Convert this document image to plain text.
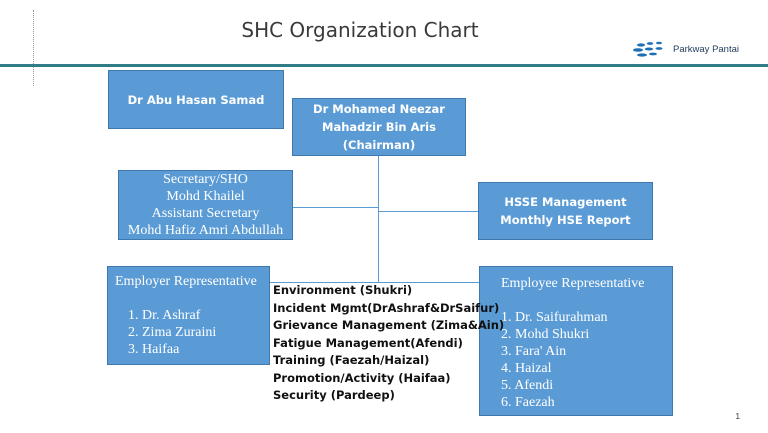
SHC Organization Chart
Parkway Pantai
Dr Abu Hasan Samad
Dr Mohamed Neezar
Mahadzir Bin Aris
(Chairman)
Secretary/SHO
Mohd Khailel
Assistant Secretary
Mohd Hafiz Amri Abdullah
HSSE Management
Monthly HSE Report
Employer Representative
1. Dr. Ashraf
2. Zima Zuraini
3. Haifaa
Employee Representative
1. Dr. Saifurahman
2. Mohd Shukri
3. Fara' Ain
4. Haizal
5. Afendi
6. Faezah
Environment (Shukri)
Incident Mgmt(DrAshraf&DrSaifur)
Grievance Management (Zima&Ain)
Fatigue Management(Afendi)
Training (Faezah/Haizal)
Promotion/Activity (Haifaa)
Security (Pardeep)
1
